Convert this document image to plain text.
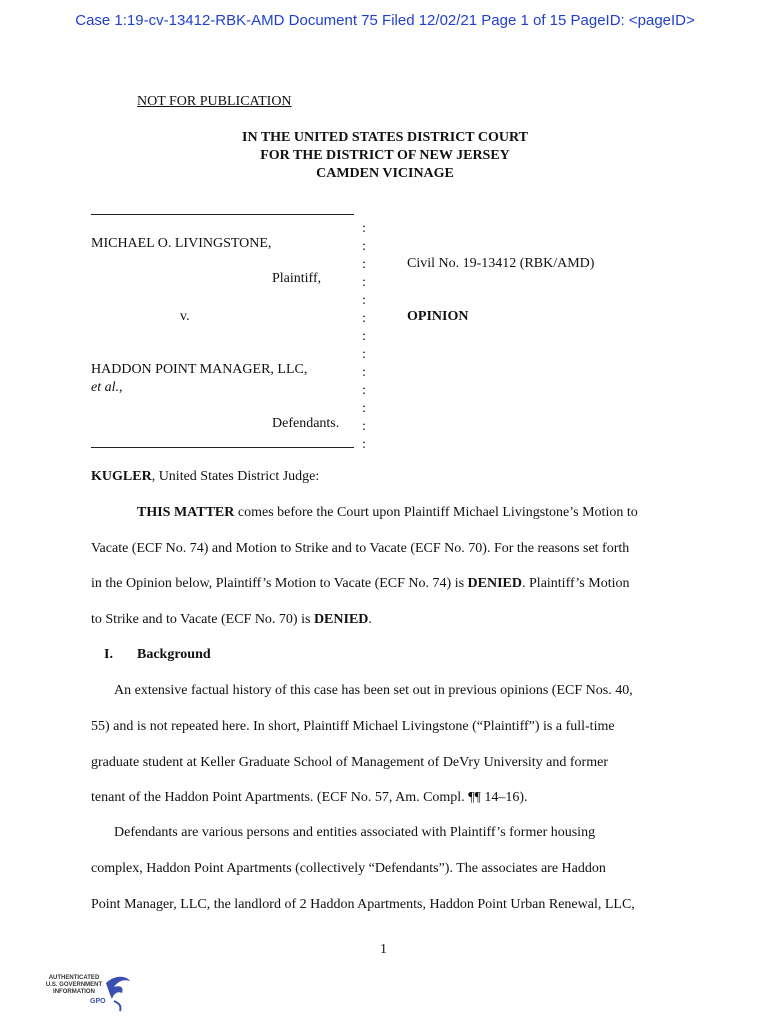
Case 1:19-cv-13412-RBK-AMD Document 75 Filed 12/02/21 Page 1 of 15 PageID: <pageID>
NOT FOR PUBLICATION
IN THE UNITED STATES DISTRICT COURT
FOR THE DISTRICT OF NEW JERSEY
CAMDEN VICINAGE
:
:
:
:
:
:
:
:
:
:
:
:
:
MICHAEL O. LIVINGSTONE,
Plaintiff,
v.
HADDON POINT MANAGER, LLC,
et al.,
Defendants.
Civil No. 19-13412 (RBK/AMD)
OPINION
KUGLER, United States District Judge:
THIS MATTER comes before the Court upon Plaintiff Michael Livingstone’s Motion to
Vacate (ECF No. 74) and Motion to Strike and to Vacate (ECF No. 70). For the reasons set forth
in the Opinion below, Plaintiff’s Motion to Vacate (ECF No. 74) is DENIED. Plaintiff’s Motion
to Strike and to Vacate (ECF No. 70) is DENIED.
I. Background
An extensive factual history of this case has been set out in previous opinions (ECF Nos. 40,
55) and is not repeated here. In short, Plaintiff Michael Livingstone (“Plaintiff”) is a full-time
graduate student at Keller Graduate School of Management of DeVry University and former
tenant of the Haddon Point Apartments. (ECF No. 57, Am. Compl. ¶¶ 14–16).
Defendants are various persons and entities associated with Plaintiff’s former housing
complex, Haddon Point Apartments (collectively “Defendants”). The associates are Haddon
Point Manager, LLC, the landlord of 2 Haddon Apartments, Haddon Point Urban Renewal, LLC,
1
AUTHENTICATED
U.S. GOVERNMENT
INFORMATION
GPO
